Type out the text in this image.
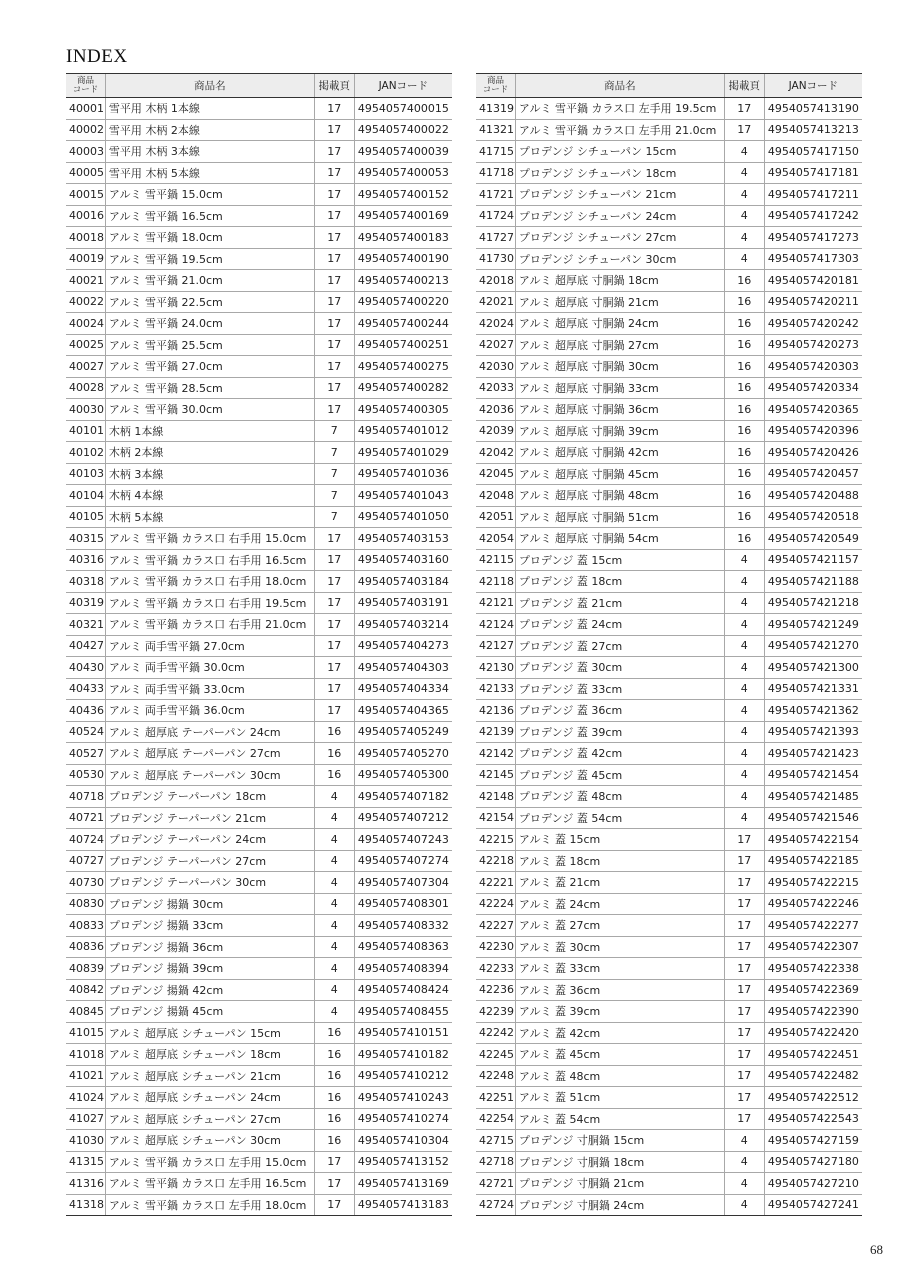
INDEX
商品
コード	商品名	掲載頁	JANコード
40001	雪平用 木柄 1本線	17	4954057400015
40002	雪平用 木柄 2本線	17	4954057400022
40003	雪平用 木柄 3本線	17	4954057400039
40005	雪平用 木柄 5本線	17	4954057400053
40015	アルミ 雪平鍋 15.0cm	17	4954057400152
40016	アルミ 雪平鍋 16.5cm	17	4954057400169
40018	アルミ 雪平鍋 18.0cm	17	4954057400183
40019	アルミ 雪平鍋 19.5cm	17	4954057400190
40021	アルミ 雪平鍋 21.0cm	17	4954057400213
40022	アルミ 雪平鍋 22.5cm	17	4954057400220
40024	アルミ 雪平鍋 24.0cm	17	4954057400244
40025	アルミ 雪平鍋 25.5cm	17	4954057400251
40027	アルミ 雪平鍋 27.0cm	17	4954057400275
40028	アルミ 雪平鍋 28.5cm	17	4954057400282
40030	アルミ 雪平鍋 30.0cm	17	4954057400305
40101	木柄 1本線	7	4954057401012
40102	木柄 2本線	7	4954057401029
40103	木柄 3本線	7	4954057401036
40104	木柄 4本線	7	4954057401043
40105	木柄 5本線	7	4954057401050
40315	アルミ 雪平鍋 カラス口 右手用 15.0cm	17	4954057403153
40316	アルミ 雪平鍋 カラス口 右手用 16.5cm	17	4954057403160
40318	アルミ 雪平鍋 カラス口 右手用 18.0cm	17	4954057403184
40319	アルミ 雪平鍋 カラス口 右手用 19.5cm	17	4954057403191
40321	アルミ 雪平鍋 カラス口 右手用 21.0cm	17	4954057403214
40427	アルミ 両手雪平鍋 27.0cm	17	4954057404273
40430	アルミ 両手雪平鍋 30.0cm	17	4954057404303
40433	アルミ 両手雪平鍋 33.0cm	17	4954057404334
40436	アルミ 両手雪平鍋 36.0cm	17	4954057404365
40524	アルミ 超厚底 テーパーパン 24cm	16	4954057405249
40527	アルミ 超厚底 テーパーパン 27cm	16	4954057405270
40530	アルミ 超厚底 テーパーパン 30cm	16	4954057405300
40718	プロデンジ テーパーパン 18cm	4	4954057407182
40721	プロデンジ テーパーパン 21cm	4	4954057407212
40724	プロデンジ テーパーパン 24cm	4	4954057407243
40727	プロデンジ テーパーパン 27cm	4	4954057407274
40730	プロデンジ テーパーパン 30cm	4	4954057407304
40830	プロデンジ 揚鍋 30cm	4	4954057408301
40833	プロデンジ 揚鍋 33cm	4	4954057408332
40836	プロデンジ 揚鍋 36cm	4	4954057408363
40839	プロデンジ 揚鍋 39cm	4	4954057408394
40842	プロデンジ 揚鍋 42cm	4	4954057408424
40845	プロデンジ 揚鍋 45cm	4	4954057408455
41015	アルミ 超厚底 シチューパン 15cm	16	4954057410151
41018	アルミ 超厚底 シチューパン 18cm	16	4954057410182
41021	アルミ 超厚底 シチューパン 21cm	16	4954057410212
41024	アルミ 超厚底 シチューパン 24cm	16	4954057410243
41027	アルミ 超厚底 シチューパン 27cm	16	4954057410274
41030	アルミ 超厚底 シチューパン 30cm	16	4954057410304
41315	アルミ 雪平鍋 カラス口 左手用 15.0cm	17	4954057413152
41316	アルミ 雪平鍋 カラス口 左手用 16.5cm	17	4954057413169
41318	アルミ 雪平鍋 カラス口 左手用 18.0cm	17	4954057413183
商品
コード	商品名	掲載頁	JANコード
41319	アルミ 雪平鍋 カラス口 左手用 19.5cm	17	4954057413190
41321	アルミ 雪平鍋 カラス口 左手用 21.0cm	17	4954057413213
41715	プロデンジ シチューパン 15cm	4	4954057417150
41718	プロデンジ シチューパン 18cm	4	4954057417181
41721	プロデンジ シチューパン 21cm	4	4954057417211
41724	プロデンジ シチューパン 24cm	4	4954057417242
41727	プロデンジ シチューパン 27cm	4	4954057417273
41730	プロデンジ シチューパン 30cm	4	4954057417303
42018	アルミ 超厚底 寸胴鍋 18cm	16	4954057420181
42021	アルミ 超厚底 寸胴鍋 21cm	16	4954057420211
42024	アルミ 超厚底 寸胴鍋 24cm	16	4954057420242
42027	アルミ 超厚底 寸胴鍋 27cm	16	4954057420273
42030	アルミ 超厚底 寸胴鍋 30cm	16	4954057420303
42033	アルミ 超厚底 寸胴鍋 33cm	16	4954057420334
42036	アルミ 超厚底 寸胴鍋 36cm	16	4954057420365
42039	アルミ 超厚底 寸胴鍋 39cm	16	4954057420396
42042	アルミ 超厚底 寸胴鍋 42cm	16	4954057420426
42045	アルミ 超厚底 寸胴鍋 45cm	16	4954057420457
42048	アルミ 超厚底 寸胴鍋 48cm	16	4954057420488
42051	アルミ 超厚底 寸胴鍋 51cm	16	4954057420518
42054	アルミ 超厚底 寸胴鍋 54cm	16	4954057420549
42115	プロデンジ 蓋 15cm	4	4954057421157
42118	プロデンジ 蓋 18cm	4	4954057421188
42121	プロデンジ 蓋 21cm	4	4954057421218
42124	プロデンジ 蓋 24cm	4	4954057421249
42127	プロデンジ 蓋 27cm	4	4954057421270
42130	プロデンジ 蓋 30cm	4	4954057421300
42133	プロデンジ 蓋 33cm	4	4954057421331
42136	プロデンジ 蓋 36cm	4	4954057421362
42139	プロデンジ 蓋 39cm	4	4954057421393
42142	プロデンジ 蓋 42cm	4	4954057421423
42145	プロデンジ 蓋 45cm	4	4954057421454
42148	プロデンジ 蓋 48cm	4	4954057421485
42154	プロデンジ 蓋 54cm	4	4954057421546
42215	アルミ 蓋 15cm	17	4954057422154
42218	アルミ 蓋 18cm	17	4954057422185
42221	アルミ 蓋 21cm	17	4954057422215
42224	アルミ 蓋 24cm	17	4954057422246
42227	アルミ 蓋 27cm	17	4954057422277
42230	アルミ 蓋 30cm	17	4954057422307
42233	アルミ 蓋 33cm	17	4954057422338
42236	アルミ 蓋 36cm	17	4954057422369
42239	アルミ 蓋 39cm	17	4954057422390
42242	アルミ 蓋 42cm	17	4954057422420
42245	アルミ 蓋 45cm	17	4954057422451
42248	アルミ 蓋 48cm	17	4954057422482
42251	アルミ 蓋 51cm	17	4954057422512
42254	アルミ 蓋 54cm	17	4954057422543
42715	プロデンジ 寸胴鍋 15cm	4	4954057427159
42718	プロデンジ 寸胴鍋 18cm	4	4954057427180
42721	プロデンジ 寸胴鍋 21cm	4	4954057427210
42724	プロデンジ 寸胴鍋 24cm	4	4954057427241
68
